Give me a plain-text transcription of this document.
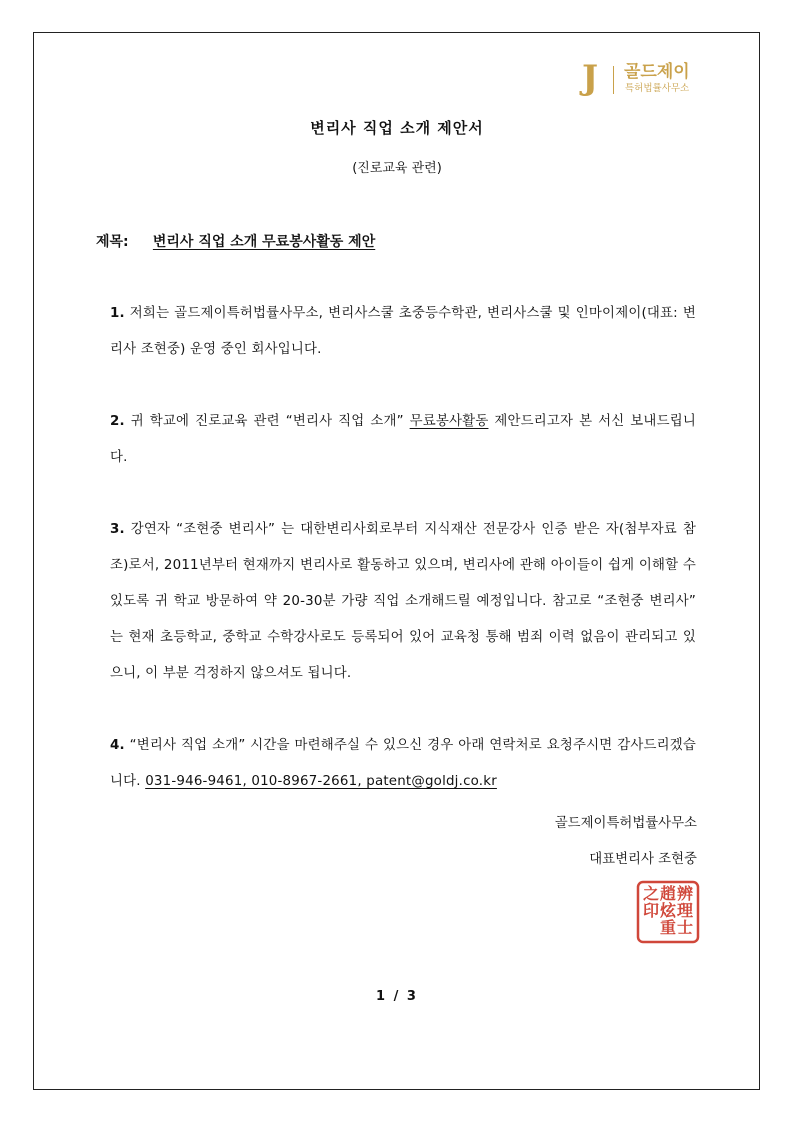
J 골드제이
특허법률사무소
변리사 직업 소개 제안서
(진로교육 관련)
제목: 변리사 직업 소개 무료봉사활동 제안
1. 저희는 골드제이특허법률사무소, 변리사스쿨 초중등수학관, 변리사스쿨 및 인마이제이(대표: 변리사 조현중) 운영 중인 회사입니다.
2. 귀 학교에 진로교육 관련 “변리사 직업 소개” 무료봉사활동 제안드리고자 본 서신 보내드립니다.
3. 강연자 “조현중 변리사” 는 대한변리사회로부터 지식재산 전문강사 인증 받은 자(첨부자료 참조)로서, 2011년부터 현재까지 변리사로 활동하고 있으며, 변리사에 관해 아이들이 쉽게 이해할 수 있도록 귀 학교 방문하여 약 20-30분 가량 직업 소개해드릴 예정입니다. 참고로 “조현중 변리사” 는 현재 초등학교, 중학교 수학강사로도 등록되어 있어 교육청 통해 범죄 이력 없음이 관리되고 있으니, 이 부분 걱정하지 않으셔도 됩니다.
4. “변리사 직업 소개” 시간을 마련해주실 수 있으신 경우 아래 연락처로 요청주시면 감사드리겠습니다. 031-946-9461, 010-8967-2661, patent@goldj.co.kr
골드제이특허법률사무소
대표변리사 조현중
辨
理
士
趙
炫
重
之
印
1 / 3
